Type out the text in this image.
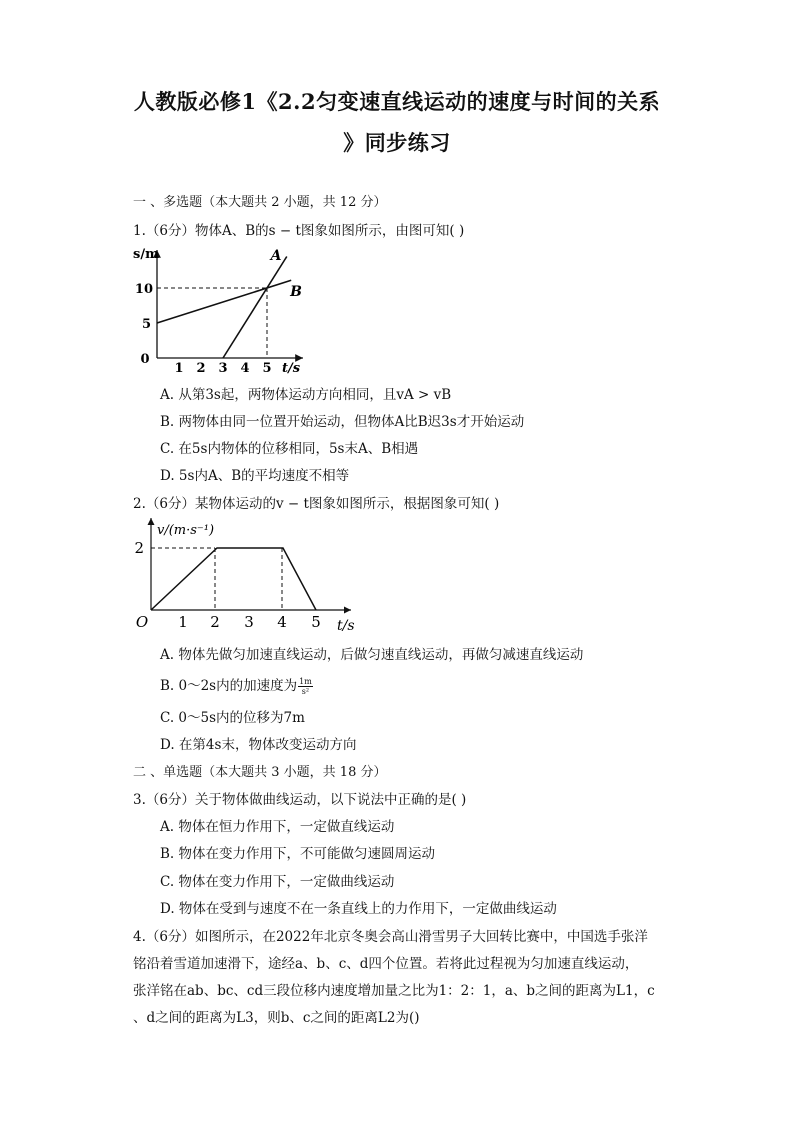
人教版必修1《2.2匀变速直线运动的速度与时间的关系
》同步练习
一 、多选题（本大题共 2 小题，共 12 分）
1.（6分）物体A、B的s − t图象如图所示，由图可知( )
s/m
t/s
0
5
10
1 2 3 4 5
A
B
A. 从第3s起，两物体运动方向相同，且vA > vB
B. 两物体由同一位置开始运动，但物体A比B迟3s才开始运动
C. 在5s内物体的位移相同，5s末A、B相遇
D. 5s内A、B的平均速度不相等
2.（6分）某物体运动的v − t图象如图所示，根据图象可知( )
v/(m·s⁻¹)
t/s
O
2
1 2 3 4 5
A. 物体先做匀加速直线运动，后做匀速直线运动，再做匀减速直线运动
B. 0～2s内的加速度为 $\frac{1m}{\text{s²}}$
C. 0～5s内的位移为7m
D. 在第4s末，物体改变运动方向
二 、单选题（本大题共 3 小题，共 18 分）
3.（6分）关于物体做曲线运动，以下说法中正确的是( )
A. 物体在恒力作用下，一定做直线运动
B. 物体在变力作用下，不可能做匀速圆周运动
C. 物体在变力作用下，一定做曲线运动
D. 物体在受到与速度不在一条直线上的力作用下，一定做曲线运动
4.（6分）如图所示，在2022年北京冬奥会高山滑雪男子大回转比赛中，中国选手张洋
铭沿着雪道加速滑下，途经a、b、c、d四个位置。若将此过程视为匀加速直线运动，
张洋铭在ab、bc、cd三段位移内速度增加量之比为1：2：1，a、b之间的距离为L1，c
、d之间的距离为L3，则b、c之间的距离L2为()
